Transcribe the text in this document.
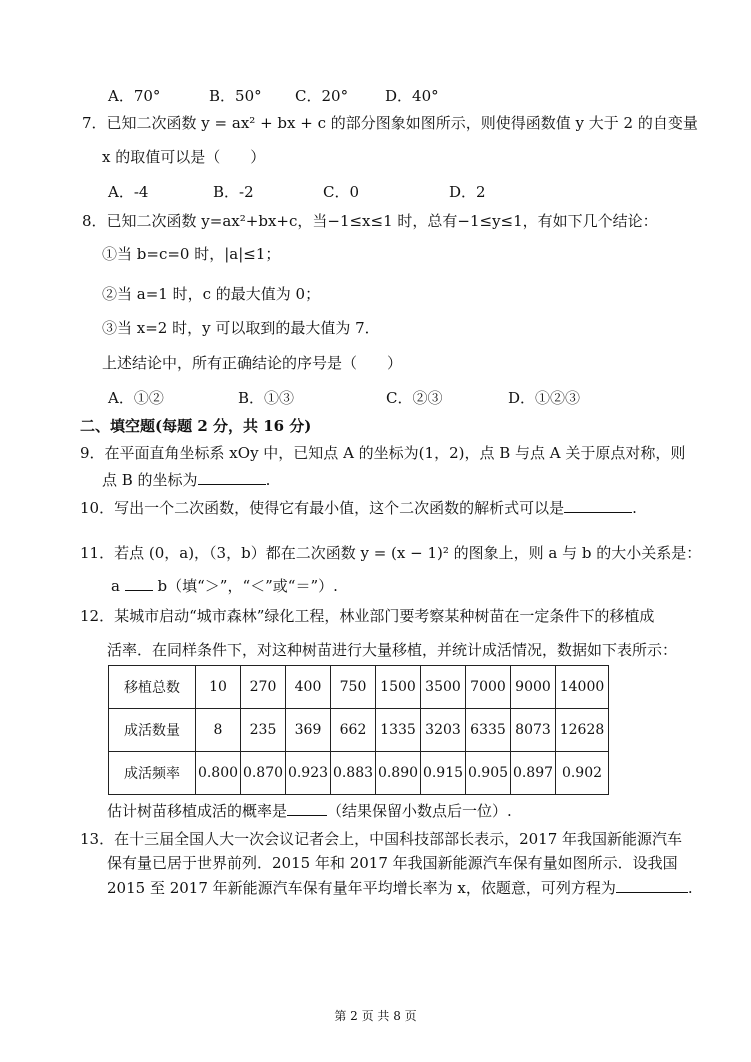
A．70°	B．50° C．20° D．40°
7．已知二次函数 y = ax² + bx + c 的部分图象如图所示，则使得函数值 y 大于 2 的自变量
x 的取值可以是（　　）
A．-4	B．-2	C．0	D．2
8．已知二次函数 y=ax²+bx+c，当−1≤x≤1 时，总有−1≤y≤1，有如下几个结论：
①当 b=c=0 时，|a|≤1；
②当 a=1 时，c 的最大值为 0；
③当 x=2 时，y 可以取到的最大值为 7．
上述结论中，所有正确结论的序号是（　　）
A．①②	B．①③	C．②③	D．①②③
二、填空题(每题 2 分，共 16 分)
9．在平面直角坐标系 xOy 中，已知点 A 的坐标为(1，2)，点 B 与点 A 关于原点对称，则
点 B 的坐标为	.
10．写出一个二次函数，使得它有最小值，这个二次函数的解析式可以是	.
11．若点 (0，a)，（3，b）都在二次函数 y = (x − 1)² 的图象上，则 a 与 b 的大小关系是：
a	b（填“＞”，“＜”或“＝”）.
12．某城市启动“城市森林”绿化工程，林业部门要考察某种树苗在一定条件下的移植成
活率．在同样条件下，对这种树苗进行大量移植，并统计成活情况，数据如下表所示：
移植总数	10	270	400	750	1500	3500	7000	9000	14000
成活数量	8	235	369	662	1335	3203	6335	8073	12628
成活频率	0.800	0.870	0.923	0.883	0.890	0.915	0.905	0.897	0.902
估计树苗移植成活的概率是	（结果保留小数点后一位）.
13．在十三届全国人大一次会议记者会上，中国科技部部长表示，2017 年我国新能源汽车
保有量已居于世界前列．2015 年和 2017 年我国新能源汽车保有量如图所示．设我国
2015 至 2017 年新能源汽车保有量年平均增长率为 x，依题意，可列方程为	.
第 2 页 共 8 页
